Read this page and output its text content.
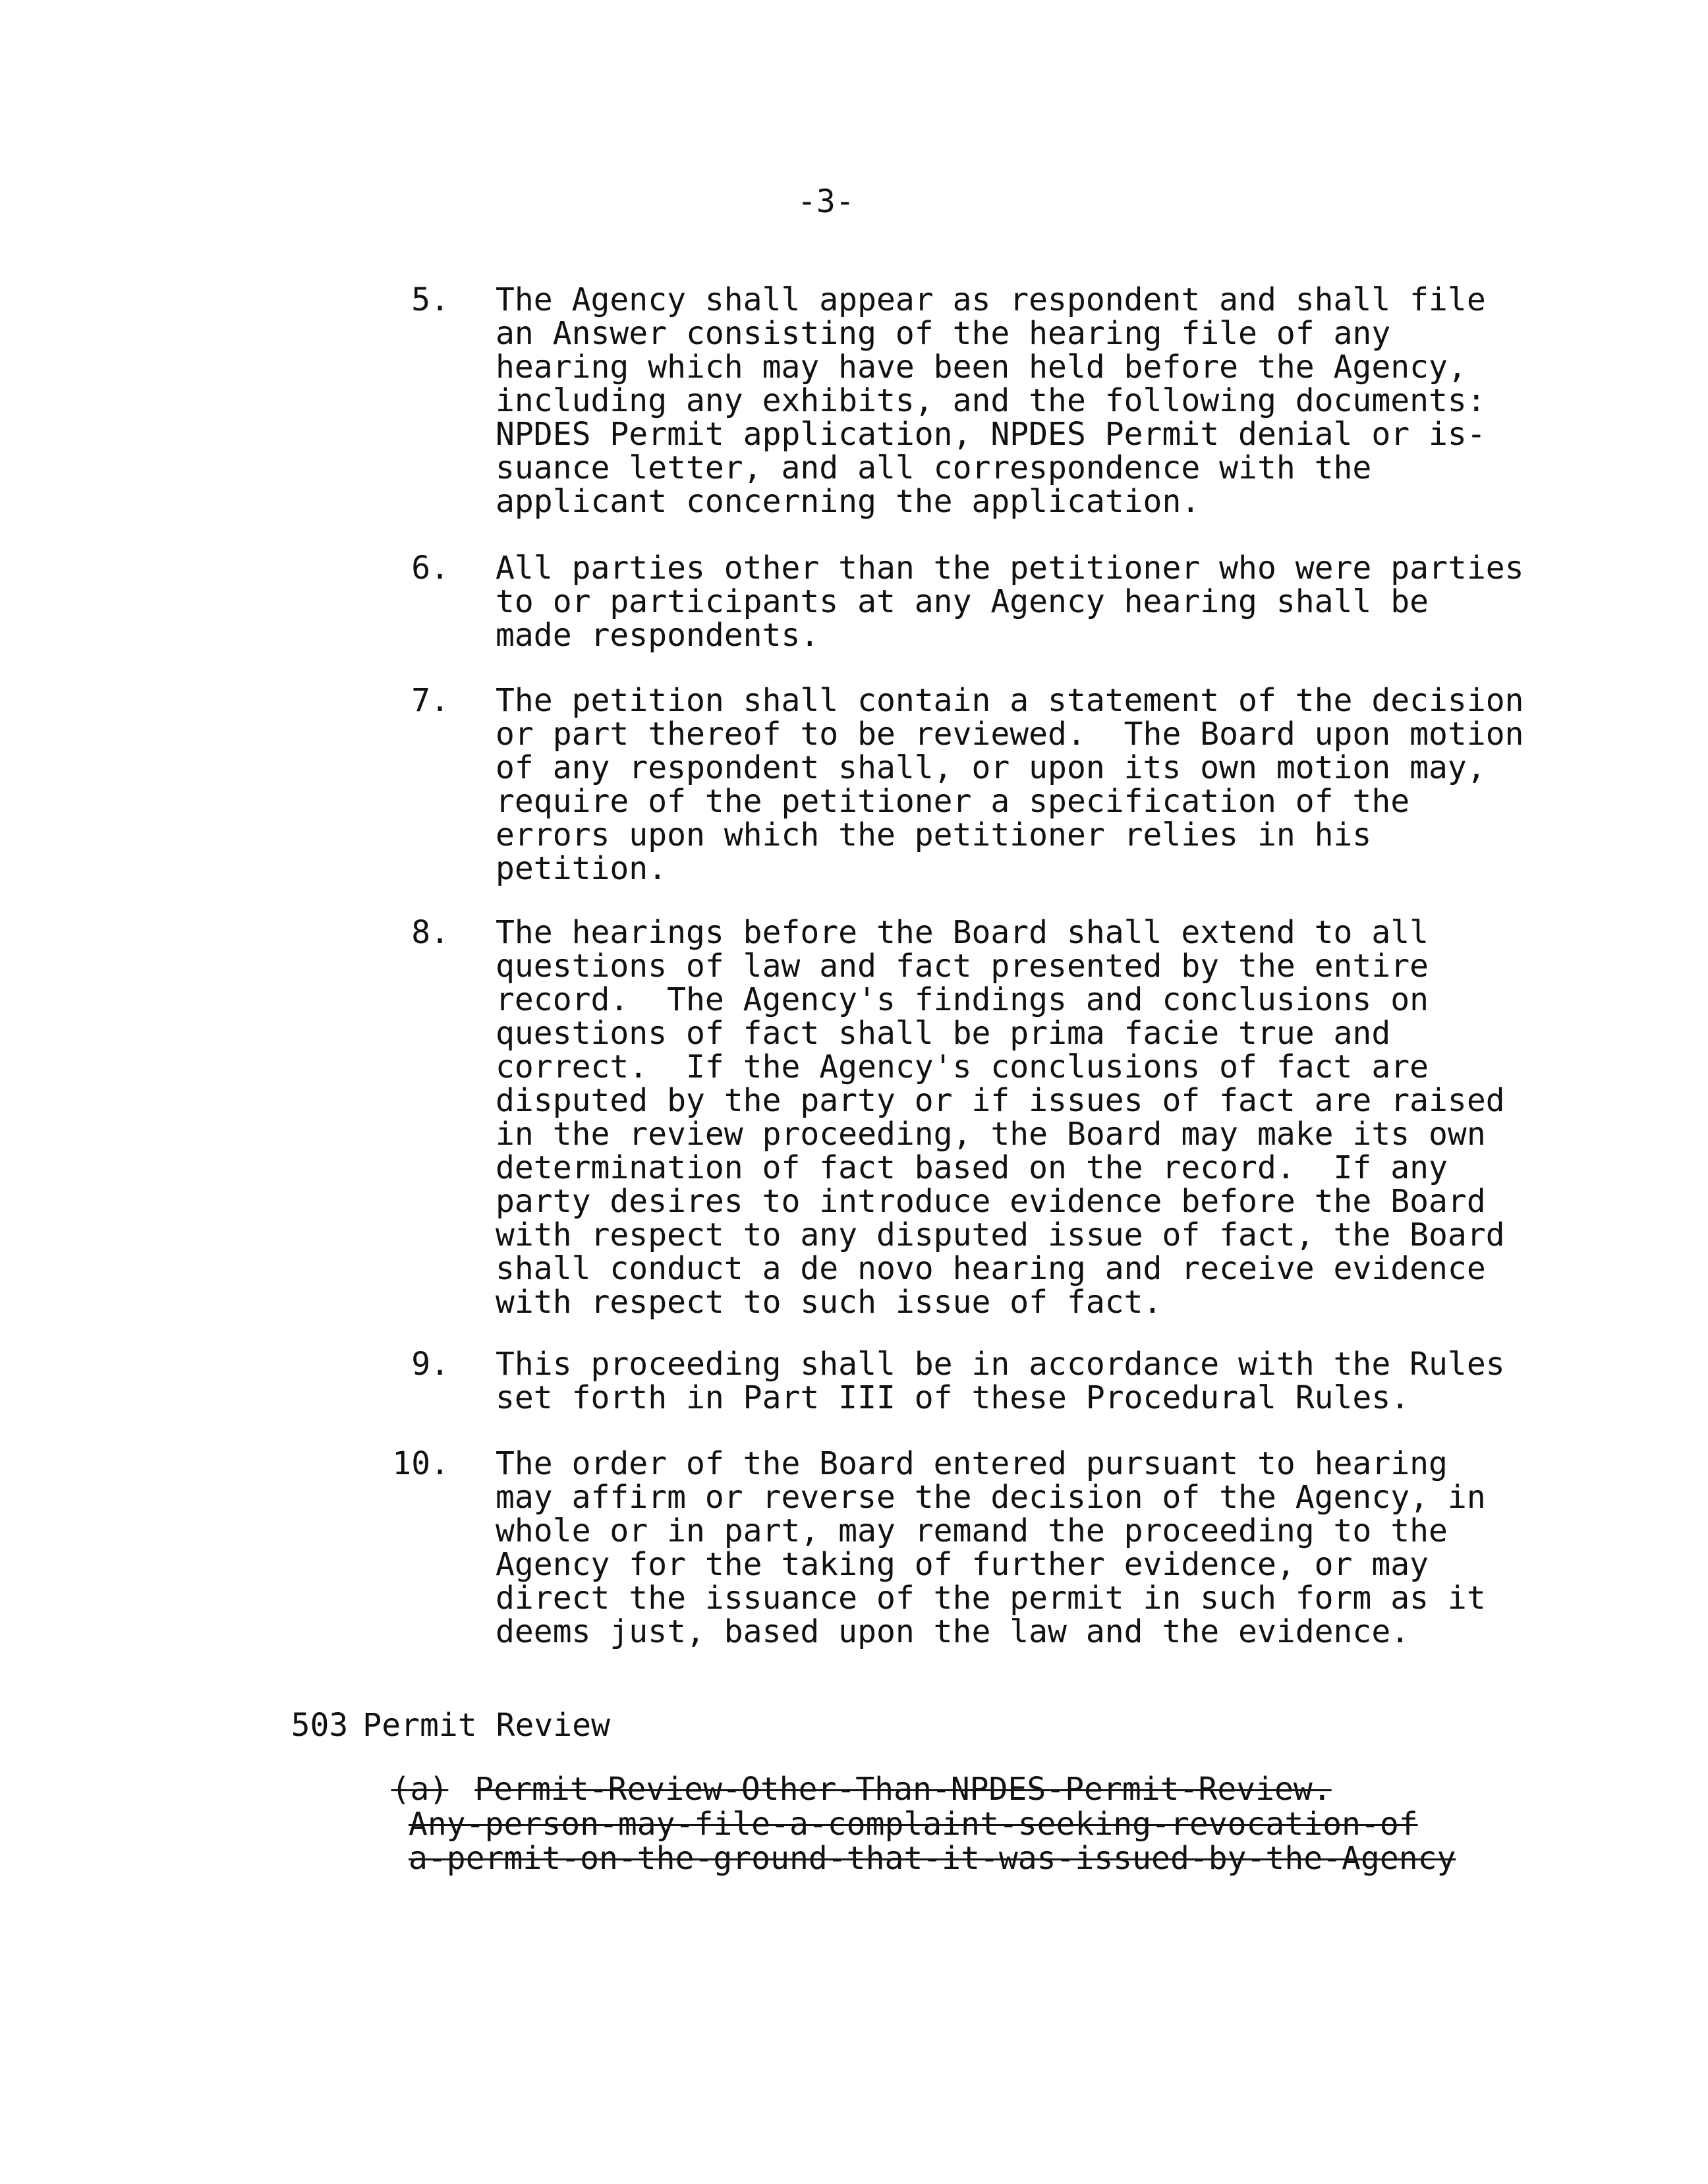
-3-
5. The Agency shall appear as respondent and shall file
an Answer consisting of the hearing file of any
hearing which may have been held before the Agency,
including any exhibits, and the following documents:
NPDES Permit application, NPDES Permit denial or is-
suance letter, and all correspondence with the
applicant concerning the application.
6. All parties other than the petitioner who were parties
to or participants at any Agency hearing shall be
made respondents.
7. The petition shall contain a statement of the decision
or part thereof to be reviewed.  The Board upon motion
of any respondent shall, or upon its own motion may,
require of the petitioner a specification of the
errors upon which the petitioner relies in his
petition.
8. The hearings before the Board shall extend to all
questions of law and fact presented by the entire
record.  The Agency's findings and conclusions on
questions of fact shall be prima facie true and
correct.  If the Agency's conclusions of fact are
disputed by the party or if issues of fact are raised
in the review proceeding, the Board may make its own
determination of fact based on the record.  If any
party desires to introduce evidence before the Board
with respect to any disputed issue of fact, the Board
shall conduct a de novo hearing and receive evidence
with respect to such issue of fact.
9. This proceeding shall be in accordance with the Rules
set forth in Part III of these Procedural Rules.
10. The order of the Board entered pursuant to hearing
may affirm or reverse the decision of the Agency, in
whole or in part, may remand the proceeding to the
Agency for the taking of further evidence, or may
direct the issuance of the permit in such form as it
deems just, based upon the law and the evidence.

503 Permit Review

(a) Permit-Review-Other-Than-NPDES-Permit-Review.

Any-person-may-file-a-complaint-seeking-revocation-of
a-permit-on-the-ground-that-it-was-issued-by-the-Agency
